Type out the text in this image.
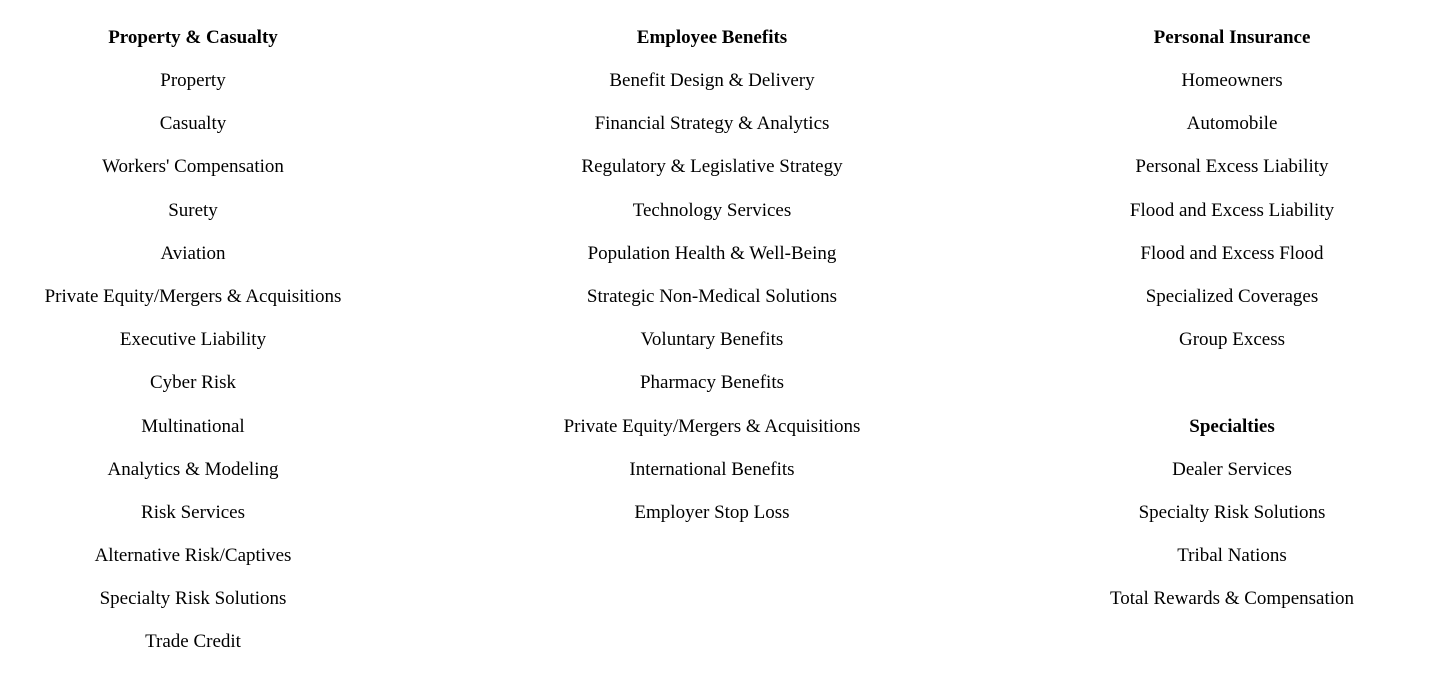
Property & Casualty
Property
Casualty
Workers' Compensation
Surety
Aviation
Private Equity/Mergers & Acquisitions
Executive Liability
Cyber Risk
Multinational
Analytics & Modeling
Risk Services
Alternative Risk/Captives
Specialty Risk Solutions
Trade Credit
Employee Benefits
Benefit Design & Delivery
Financial Strategy & Analytics
Regulatory & Legislative Strategy
Technology Services
Population Health & Well-Being
Strategic Non-Medical Solutions
Voluntary Benefits
Pharmacy Benefits
Private Equity/Mergers & Acquisitions
International Benefits
Employer Stop Loss
Personal Insurance
Homeowners
Automobile
Personal Excess Liability
Flood and Excess Liability
Flood and Excess Flood
Specialized Coverages
Group Excess
Specialties
Dealer Services
Specialty Risk Solutions
Tribal Nations
Total Rewards & Compensation
